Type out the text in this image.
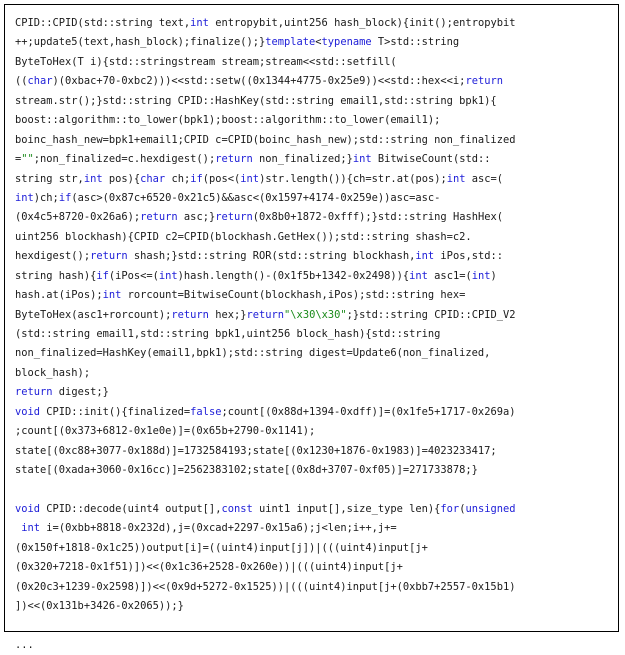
CPID::CPID(std::string text,int entropybit,uint256 hash_block){init();entropybit
++;update5(text,hash_block);finalize();}template<typename T>std::string
ByteToHex(T i){std::stringstream stream;stream<<std::setfill(
((char)(0xbac+70-0xbc2)))<<std::setw((0x1344+4775-0x25e9))<<std::hex<<i;return
stream.str();}std::string CPID::HashKey(std::string email1,std::string bpk1){
boost::algorithm::to_lower(bpk1);boost::algorithm::to_lower(email1);
boinc_hash_new=bpk1+email1;CPID c=CPID(boinc_hash_new);std::string non_finalized
="";non_finalized=c.hexdigest();return non_finalized;}int BitwiseCount(std::
string str,int pos){char ch;if(pos<(int)str.length()){ch=str.at(pos);int asc=(
int)ch;if(asc>(0x87c+6520-0x21c5)&&asc<(0x1597+4174-0x259e))asc=asc-
(0x4c5+8720-0x26a6);return asc;}return(0x8b0+1872-0xfff);}std::string HashHex(
uint256 blockhash){CPID c2=CPID(blockhash.GetHex());std::string shash=c2.
hexdigest();return shash;}std::string ROR(std::string blockhash,int iPos,std::
string hash){if(iPos<=(int)hash.length()-(0x1f5b+1342-0x2498)){int asc1=(int)
hash.at(iPos);int rorcount=BitwiseCount(blockhash,iPos);std::string hex=
ByteToHex(asc1+rorcount);return hex;}return"\x30\x30";}std::string CPID::CPID_V2
(std::string email1,std::string bpk1,uint256 block_hash){std::string
non_finalized=HashKey(email1,bpk1);std::string digest=Update6(non_finalized,
block_hash);
return digest;}
void CPID::init(){finalized=false;count[(0x88d+1394-0xdff)]=(0x1fe5+1717-0x269a)
;count[(0x373+6812-0x1e0e)]=(0x65b+2790-0x1141);
state[(0xc88+3077-0x188d)]=1732584193;state[(0x1230+1876-0x1983)]=4023233417;
state[(0xada+3060-0x16cc)]=2562383102;state[(0x8d+3707-0xf05)]=271733878;}
void CPID::decode(uint4 output[],const uint1 input[],size_type len){for(unsigned
int i=(0xbb+8818-0x232d),j=(0xcad+2297-0x15a6);j<len;i++,j+=
(0x150f+1818-0x1c25))output[i]=((uint4)input[j])|(((uint4)input[j+
(0x320+7218-0x1f51)])<<(0x1c36+2528-0x260e))|(((uint4)input[j+
(0x20c3+1239-0x2598)])<<(0x9d+5272-0x1525))|(((uint4)input[j+(0xbb7+2557-0x15b1)
])<<(0x131b+3426-0x2065));}
...
